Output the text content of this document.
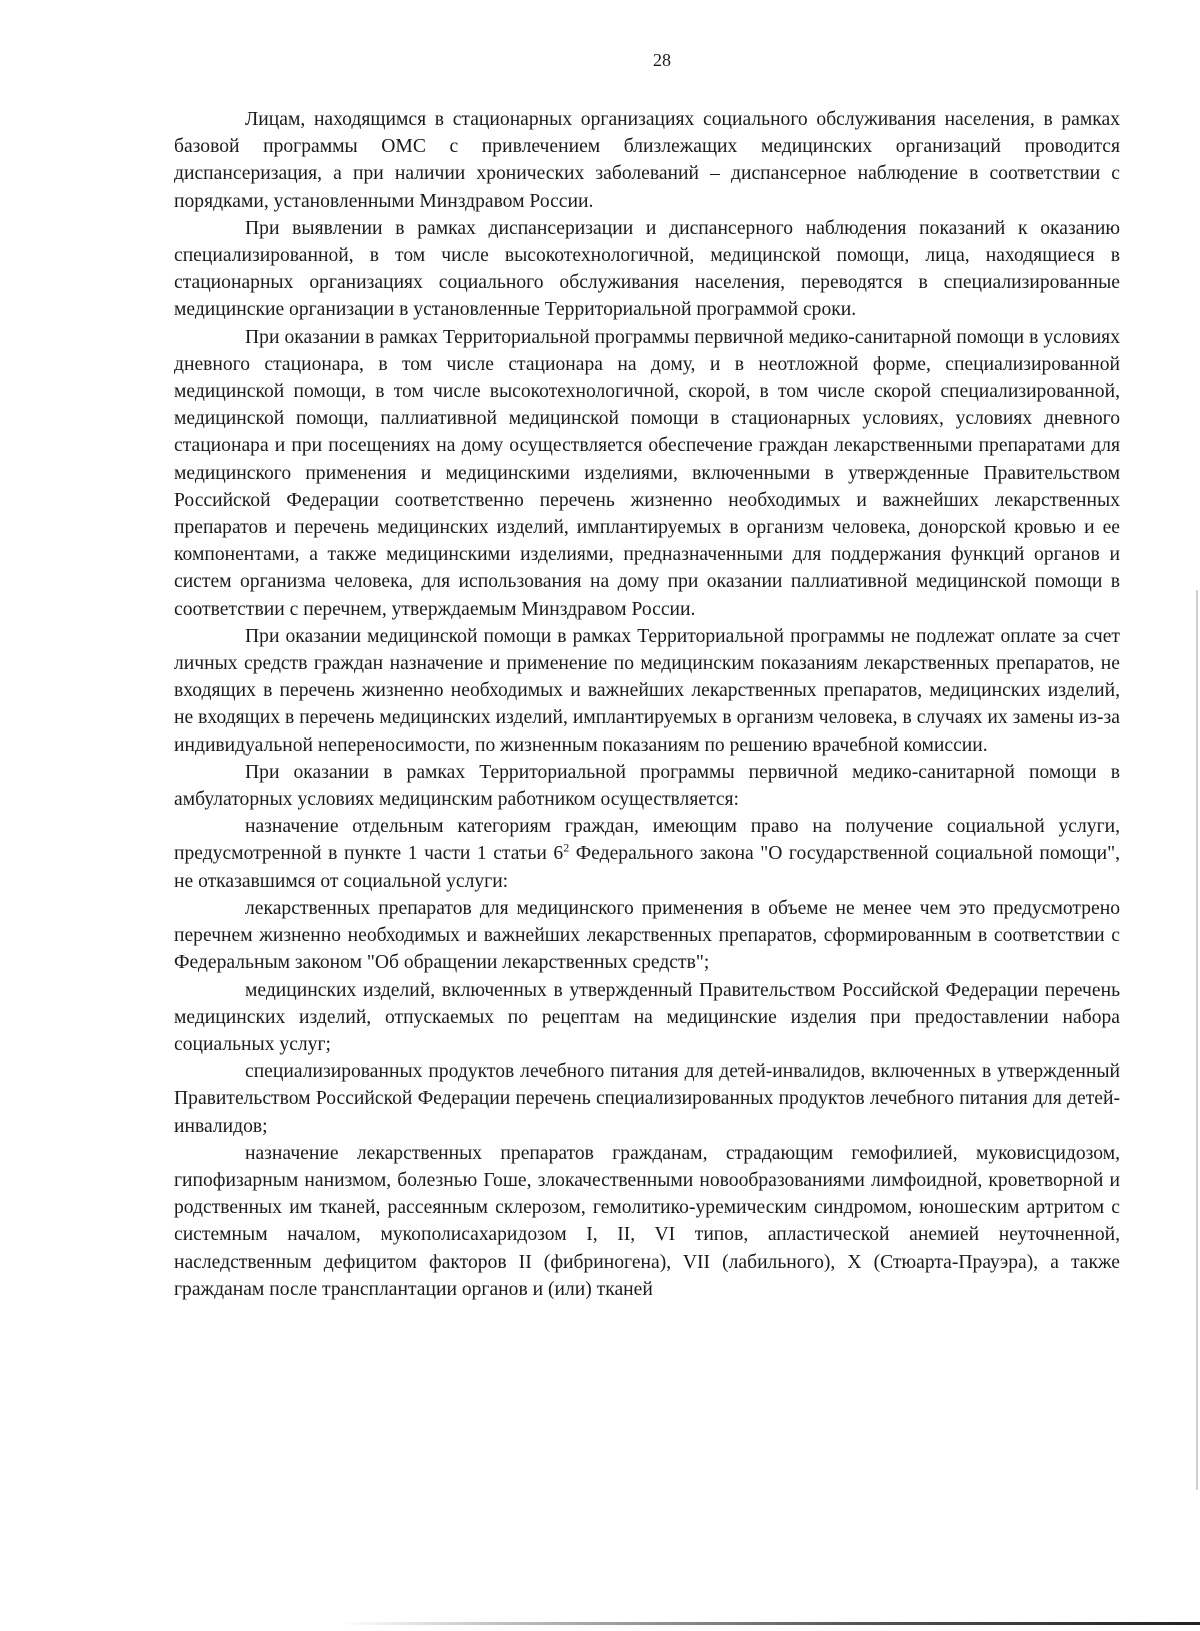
28

Лицам, находящимся в стационарных организациях социального обслуживания населения, в рамках базовой программы ОМС с привлечением близлежащих медицинских организаций проводится диспансеризация, а при наличии хронических заболеваний – диспансерное наблюдение в соответствии с порядками, установленными Минздравом России.

При выявлении в рамках диспансеризации и диспансерного наблюдения показаний к оказанию специализированной, в том числе высокотехнологичной, медицинской помощи, лица, находящиеся в стационарных организациях социального обслуживания населения, переводятся в специализированные медицинские организации в установленные Территориальной программой сроки.

При оказании в рамках Территориальной программы первичной медико-санитарной помощи в условиях дневного стационара, в том числе стационара на дому, и в неотложной форме, специализированной медицинской помощи, в том числе высокотехнологичной, скорой, в том числе скорой специализированной, медицинской помощи, паллиативной медицинской помощи в стационарных условиях, условиях дневного стационара и при посещениях на дому осуществляется обеспечение граждан лекарственными препаратами для медицинского применения и медицинскими изделиями, включенными в утвержденные Правительством Российской Федерации соответственно перечень жизненно необходимых и важнейших лекарственных препаратов и перечень медицинских изделий, имплантируемых в организм человека, донорской кровью и ее компонентами, а также медицинскими изделиями, предназначенными для поддержания функций органов и систем организма человека, для использования на дому при оказании паллиативной медицинской помощи в соответствии с перечнем, утверждаемым Минздравом России.

При оказании медицинской помощи в рамках Территориальной программы не подлежат оплате за счет личных средств граждан назначение и применение по медицинским показаниям лекарственных препаратов, не входящих в перечень жизненно необходимых и важнейших лекарственных препаратов, медицинских изделий, не входящих в перечень медицинских изделий, имплантируемых в организм человека, в случаях их замены из-за индивидуальной непереносимости, по жизненным показаниям по решению врачебной комиссии.

При оказании в рамках Территориальной программы первичной медико-санитарной помощи в амбулаторных условиях медицинским работником осуществляется:

назначение отдельным категориям граждан, имеющим право на получение социальной услуги, предусмотренной в пункте 1 части 1 статьи $6^2$ Федерального закона "О государственной социальной помощи", не отказавшимся от социальной услуги:

лекарственных препаратов для медицинского применения в объеме не менее чем это предусмотрено перечнем жизненно необходимых и важнейших лекарственных препаратов, сформированным в соответствии с Федеральным законом "Об обращении лекарственных средств";

медицинских изделий, включенных в утвержденный Правительством Российской Федерации перечень медицинских изделий, отпускаемых по рецептам на медицинские изделия при предоставлении набора социальных услуг;

специализированных продуктов лечебного питания для детей-инвалидов, включенных в утвержденный Правительством Российской Федерации перечень специализированных продуктов лечебного питания для детей-инвалидов;

назначение лекарственных препаратов гражданам, страдающим гемофилией, муковисцидозом, гипофизарным нанизмом, болезнью Гоше, злокачественными новообразованиями лимфоидной, кроветворной и родственных им тканей, рассеянным склерозом, гемолитико-уремическим синдромом, юношеским артритом с системным началом, мукополисахаридозом I, II, VI типов, апластической анемией неуточненной, наследственным дефицитом факторов II (фибриногена), VII (лабильного), X (Стюарта-Прауэра), а также гражданам после трансплантации органов и (или) тканей
